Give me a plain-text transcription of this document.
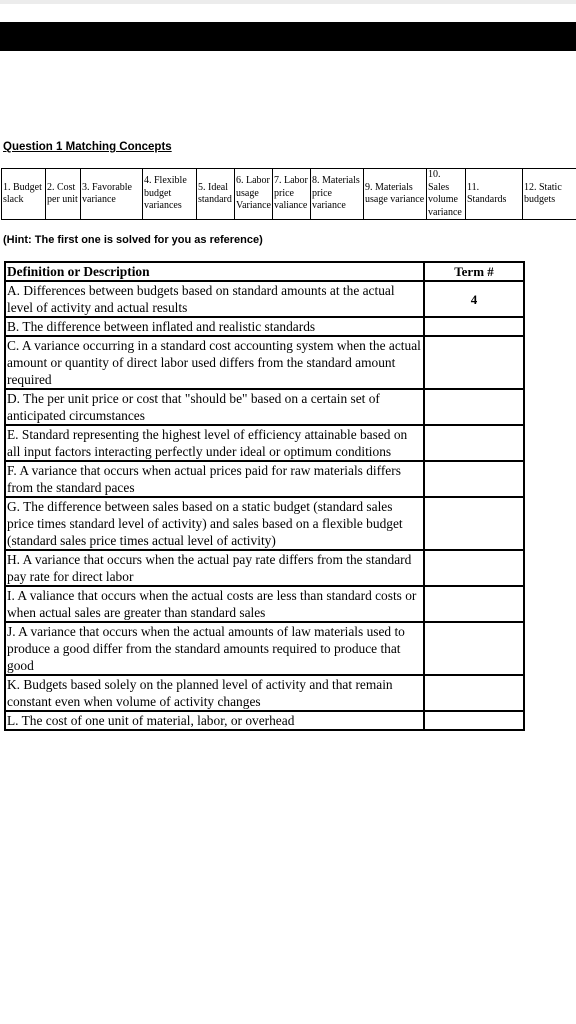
Question 1 Matching Concepts
1. Budget slack	2. Cost per unit	3. Favorable variance	4. Flexible budget variances	5. Ideal standard	6. Labor usage Variance	7. Labor price valiance	8. Materials price variance	9. Materials usage variance	10. Sales volume variance	11. Standards	12. Static budgets
(Hint: The first one is solved for you as reference)
Definition or Description	Term #
A. Differences between budgets based on standard amounts at the actual level of activity and actual results	4
B. The difference between inflated and realistic standards	
C. A variance occurring in a standard cost accounting system when the actual amount or quantity of direct labor used differs from the standard amount required	
D. The per unit price or cost that "should be" based on a certain set of anticipated circumstances	
E. Standard representing the highest level of efficiency attainable based on all input factors interacting perfectly under ideal or optimum conditions	
F. A variance that occurs when actual prices paid for raw materials differs from the standard paces	
G. The difference between sales based on a static budget (standard sales price times standard level of activity) and sales based on a flexible budget (standard sales price times actual level of activity)	
H. A variance that occurs when the actual pay rate differs from the standard pay rate for direct labor	
I. A valiance that occurs when the actual costs are less than standard costs or when actual sales are greater than standard sales	
J. A variance that occurs when the actual amounts of law materials used to produce a good differ from the standard amounts required to produce that good	
K. Budgets based solely on the planned level of activity and that remain constant even when volume of activity changes	
L. The cost of one unit of material, labor, or overhead	
